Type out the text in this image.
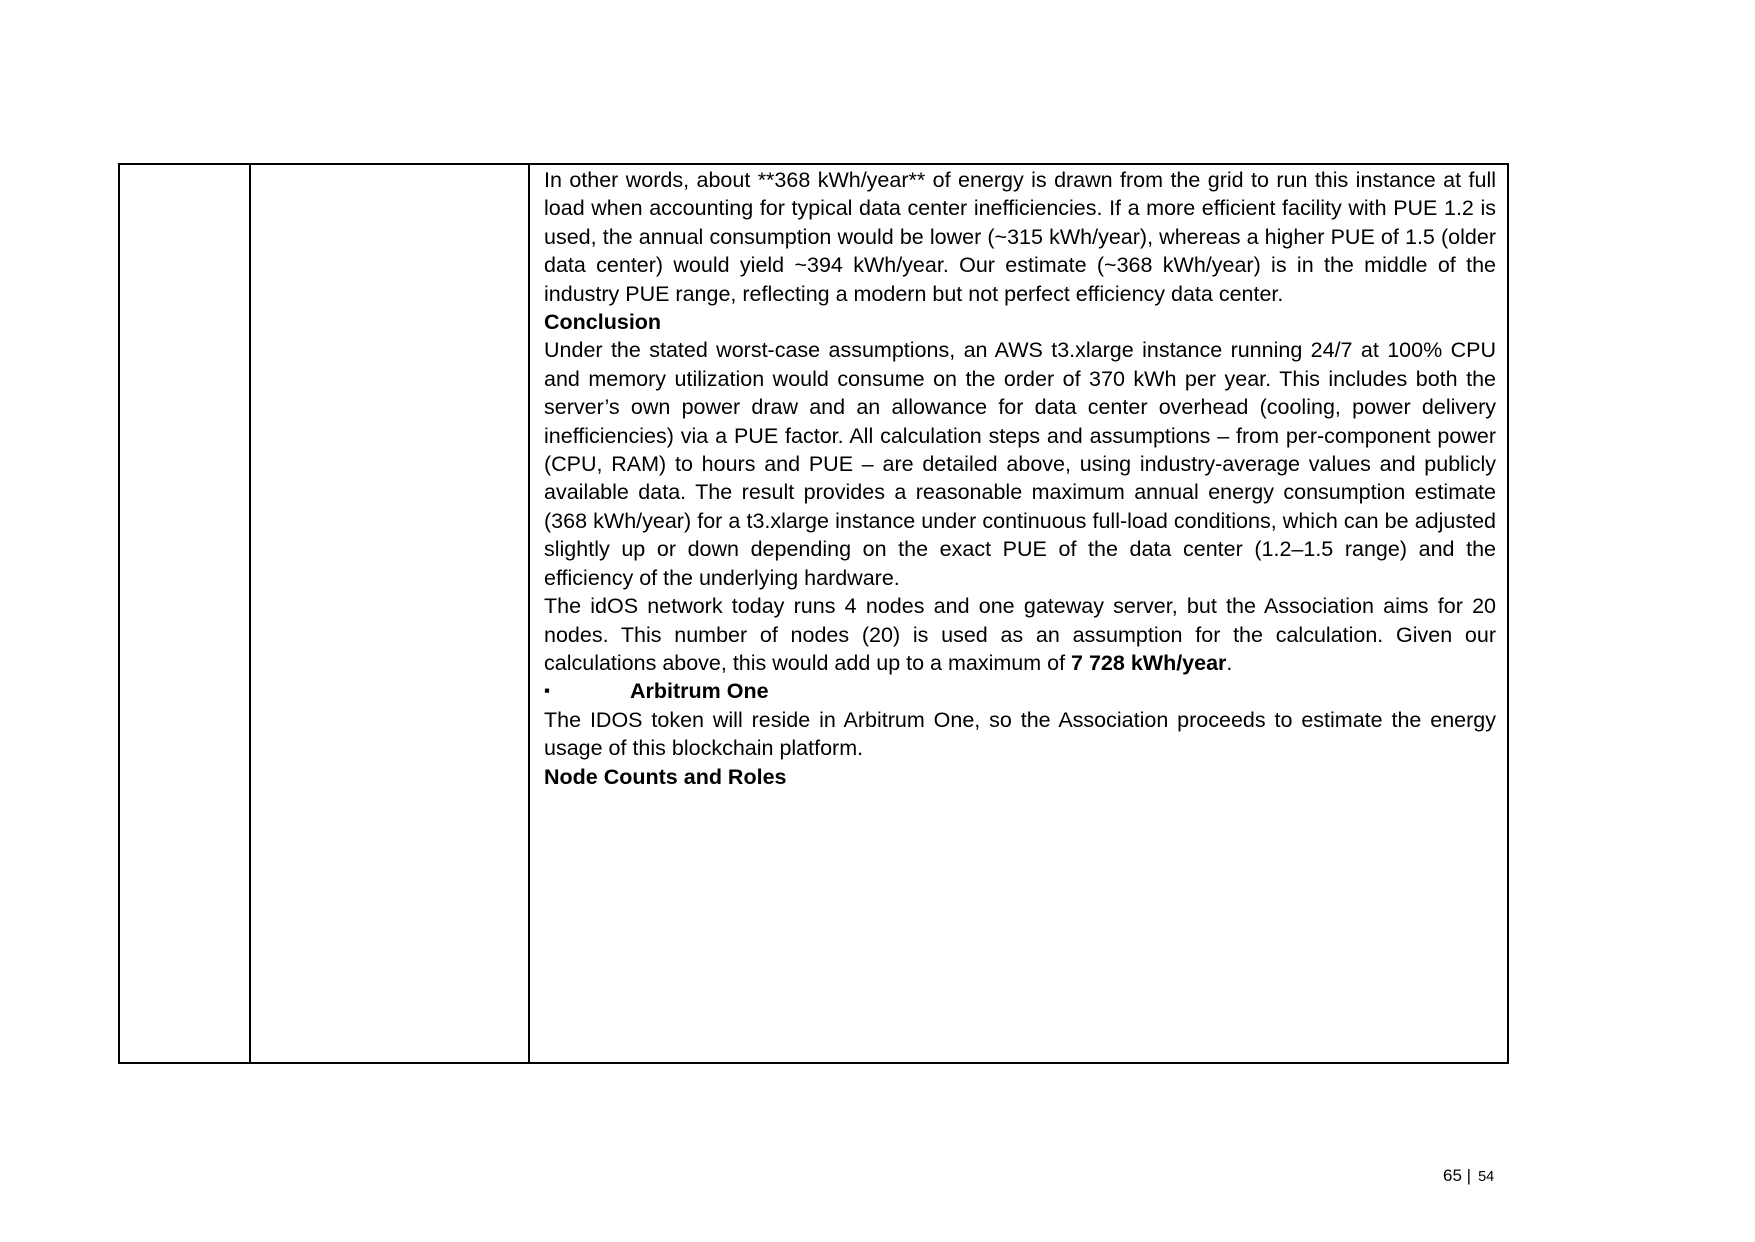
In other words, about **368 kWh/year** of energy is drawn from the grid to run this instance at full load when accounting for typical data center inefficiencies. If a more efficient facility with PUE 1.2 is used, the annual consumption would be lower (~315 kWh/year), whereas a higher PUE of 1.5 (older data center) would yield ~394 kWh/year. Our estimate (~368 kWh/year) is in the middle of the industry PUE range, reflecting a modern but not perfect efficiency data center.

Conclusion

Under the stated worst-case assumptions, an AWS t3.xlarge instance running 24/7 at 100% CPU and memory utilization would consume on the order of 370 kWh per year. This includes both the server’s own power draw and an allowance for data center overhead (cooling, power delivery inefficiencies) via a PUE factor. All calculation steps and assumptions – from per-component power (CPU, RAM) to hours and PUE – are detailed above, using industry-average values and publicly available data. The result provides a reasonable maximum annual energy consumption estimate (368 kWh/year) for a t3.xlarge instance under continuous full-load conditions, which can be adjusted slightly up or down depending on the exact PUE of the data center (1.2–1.5 range) and the efficiency of the underlying hardware.

The idOS network today runs 4 nodes and one gateway server, but the Association aims for 20 nodes. This number of nodes (20) is used as an assumption for the calculation. Given our calculations above, this would add up to a maximum of 7 728 kWh/year.

▪	Arbitrum One

The IDOS token will reside in Arbitrum One, so the Association proceeds to estimate the energy usage of this blockchain platform.

Node Counts and Roles

65 | 54
